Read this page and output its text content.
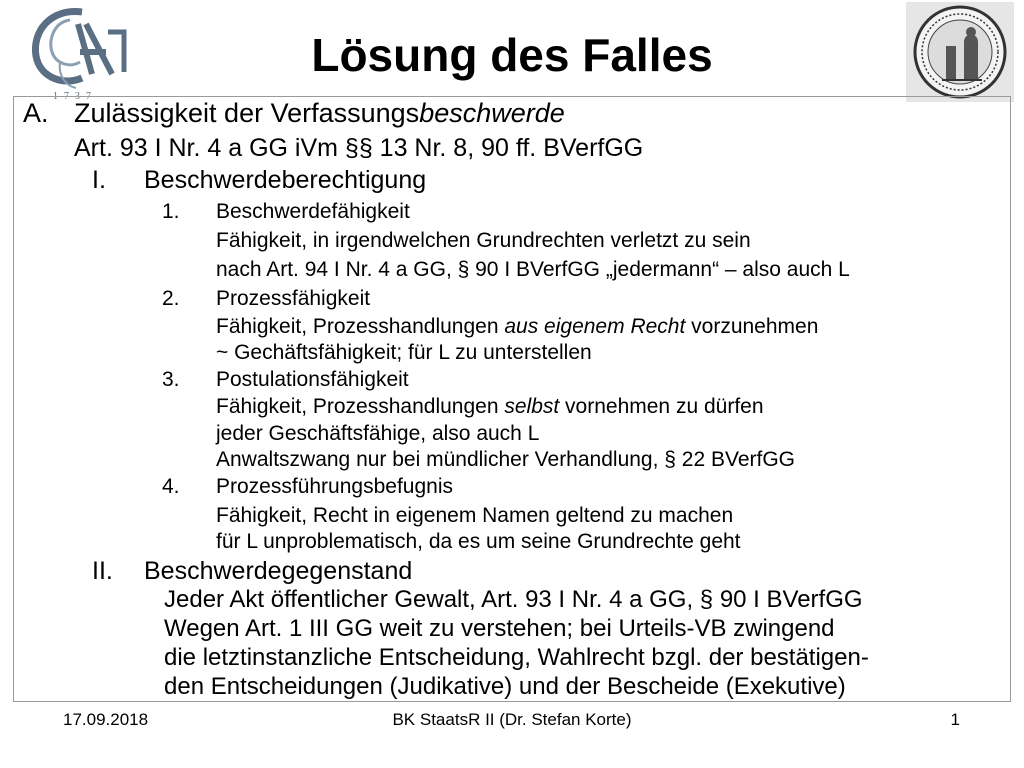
1737
Lösung des Falles
A. Zulässigkeit der Verfassungsbeschwerde
Art. 93 I Nr. 4 a GG iVm §§ 13 Nr. 8, 90 ff. BVerfGG
I. Beschwerdeberechtigung
1. Beschwerdefähigkeit
Fähigkeit, in irgendwelchen Grundrechten verletzt zu sein
nach Art. 94 I Nr. 4 a GG, § 90 I BVerfGG „jedermann“ – also auch L
2. Prozessfähigkeit
Fähigkeit, Prozesshandlungen aus eigenem Recht vorzunehmen
~ Gechäftsfähigkeit; für L zu unterstellen
3. Postulationsfähigkeit
Fähigkeit, Prozesshandlungen selbst vornehmen zu dürfen
jeder Geschäftsfähige, also auch L
Anwaltszwang nur bei mündlicher Verhandlung, § 22 BVerfGG
4. Prozessführungsbefugnis
Fähigkeit, Recht in eigenem Namen geltend zu machen
für L unproblematisch, da es um seine Grundrechte geht
II. Beschwerdegegenstand
Jeder Akt öffentlicher Gewalt, Art. 93 I Nr. 4 a GG, § 90 I BVerfGG
Wegen Art. 1 III GG weit zu verstehen; bei Urteils-VB zwingend
die letztinstanzliche Entscheidung, Wahlrecht bzgl. der bestätigen-
den Entscheidungen (Judikative) und der Bescheide (Exekutive)
17.09.2018	BK StaatsR II (Dr. Stefan Korte)	1
